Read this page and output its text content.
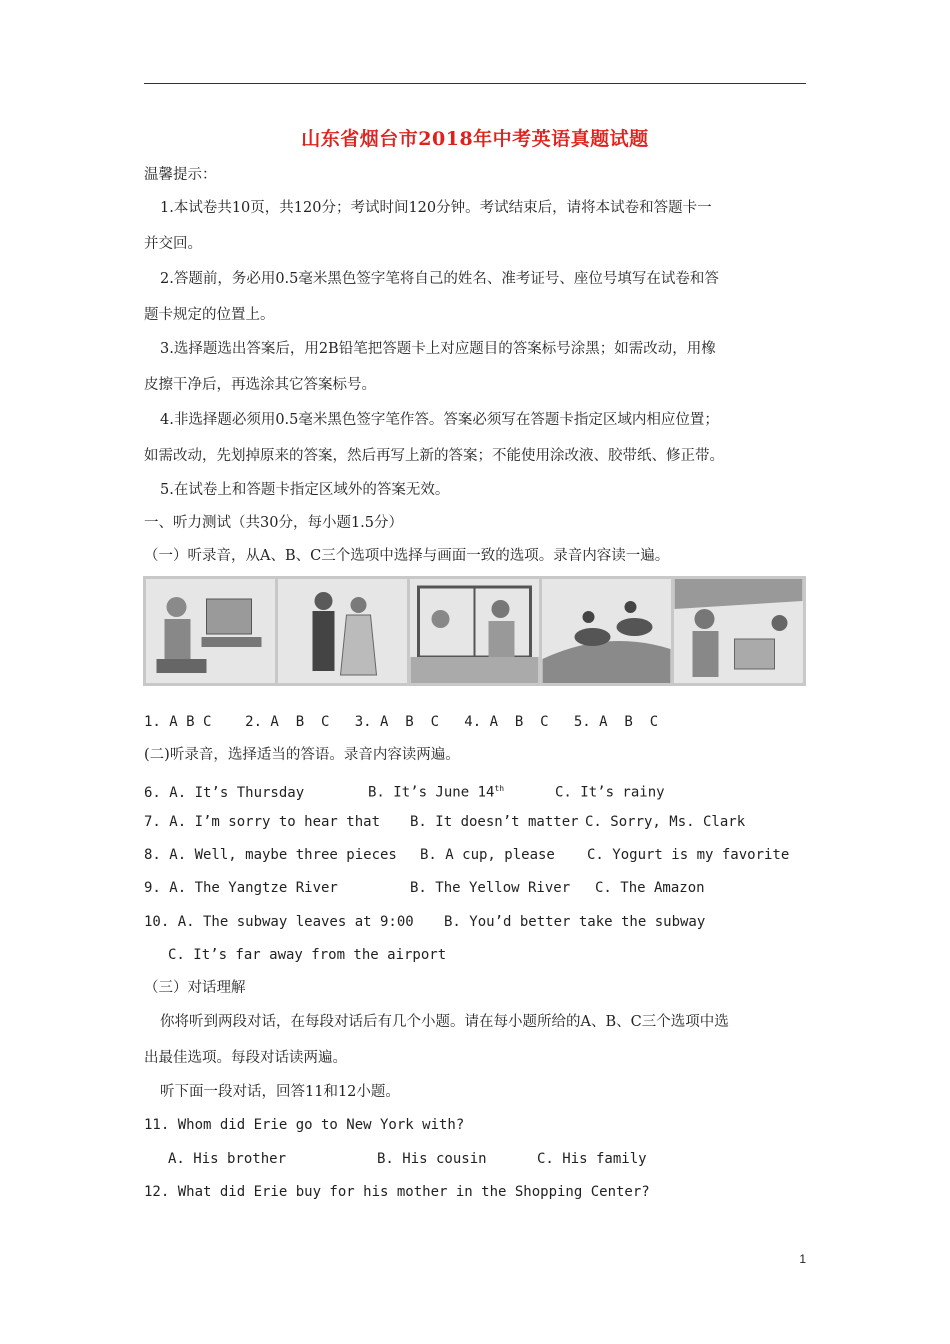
山东省烟台市2018年中考英语真题试题
温馨提示：
1.本试卷共10页，共120分；考试时间120分钟。考试结束后，请将本试卷和答题卡一
并交回。
2.答题前，务必用0.5毫米黑色签字笔将自己的姓名、准考证号、座位号填写在试卷和答
题卡规定的位置上。
3.选择题选出答案后，用2B铅笔把答题卡上对应题目的答案标号涂黑；如需改动，用橡
皮擦干净后，再选涂其它答案标号。
4.非选择题必须用0.5毫米黑色签字笔作答。答案必须写在答题卡指定区域内相应位置；
如需改动，先划掉原来的答案，然后再写上新的答案；不能使用涂改液、胶带纸、修正带。
5.在试卷上和答题卡指定区域外的答案无效。
一、听力测试（共30分，每小题1.5分）
（一）听录音，从A、B、C三个选项中选择与画面一致的选项。录音内容读一遍。
1. A B C    2. A  B  C   3. A  B  C   4. A  B  C   5. A  B  C
(二)听录音，选择适当的答语。录音内容读两遍。
6. A. It’s Thursday	B. It’s June 14th	C. It’s rainy
7. A. I’m sorry to hear that B. It doesn’t matter C. Sorry, Ms. Clark
8. A. Well, maybe three pieces B. A cup, please C. Yogurt is my favorite
9. A. The Yangtze River	B. The Yellow River C. The Amazon
10. A. The subway leaves at 9:00 B. You’d better take the subway
C. It’s far away from the airport
（三）对话理解
你将听到两段对话，在每段对话后有几个小题。请在每小题所给的A、B、C三个选项中选
出最佳选项。每段对话读两遍。
听下面一段对话，回答11和12小题。
11. Whom did Erie go to New York with?
A. His brother	B. His cousin	C. His family
12. What did Erie buy for his mother in the Shopping Center?
1
